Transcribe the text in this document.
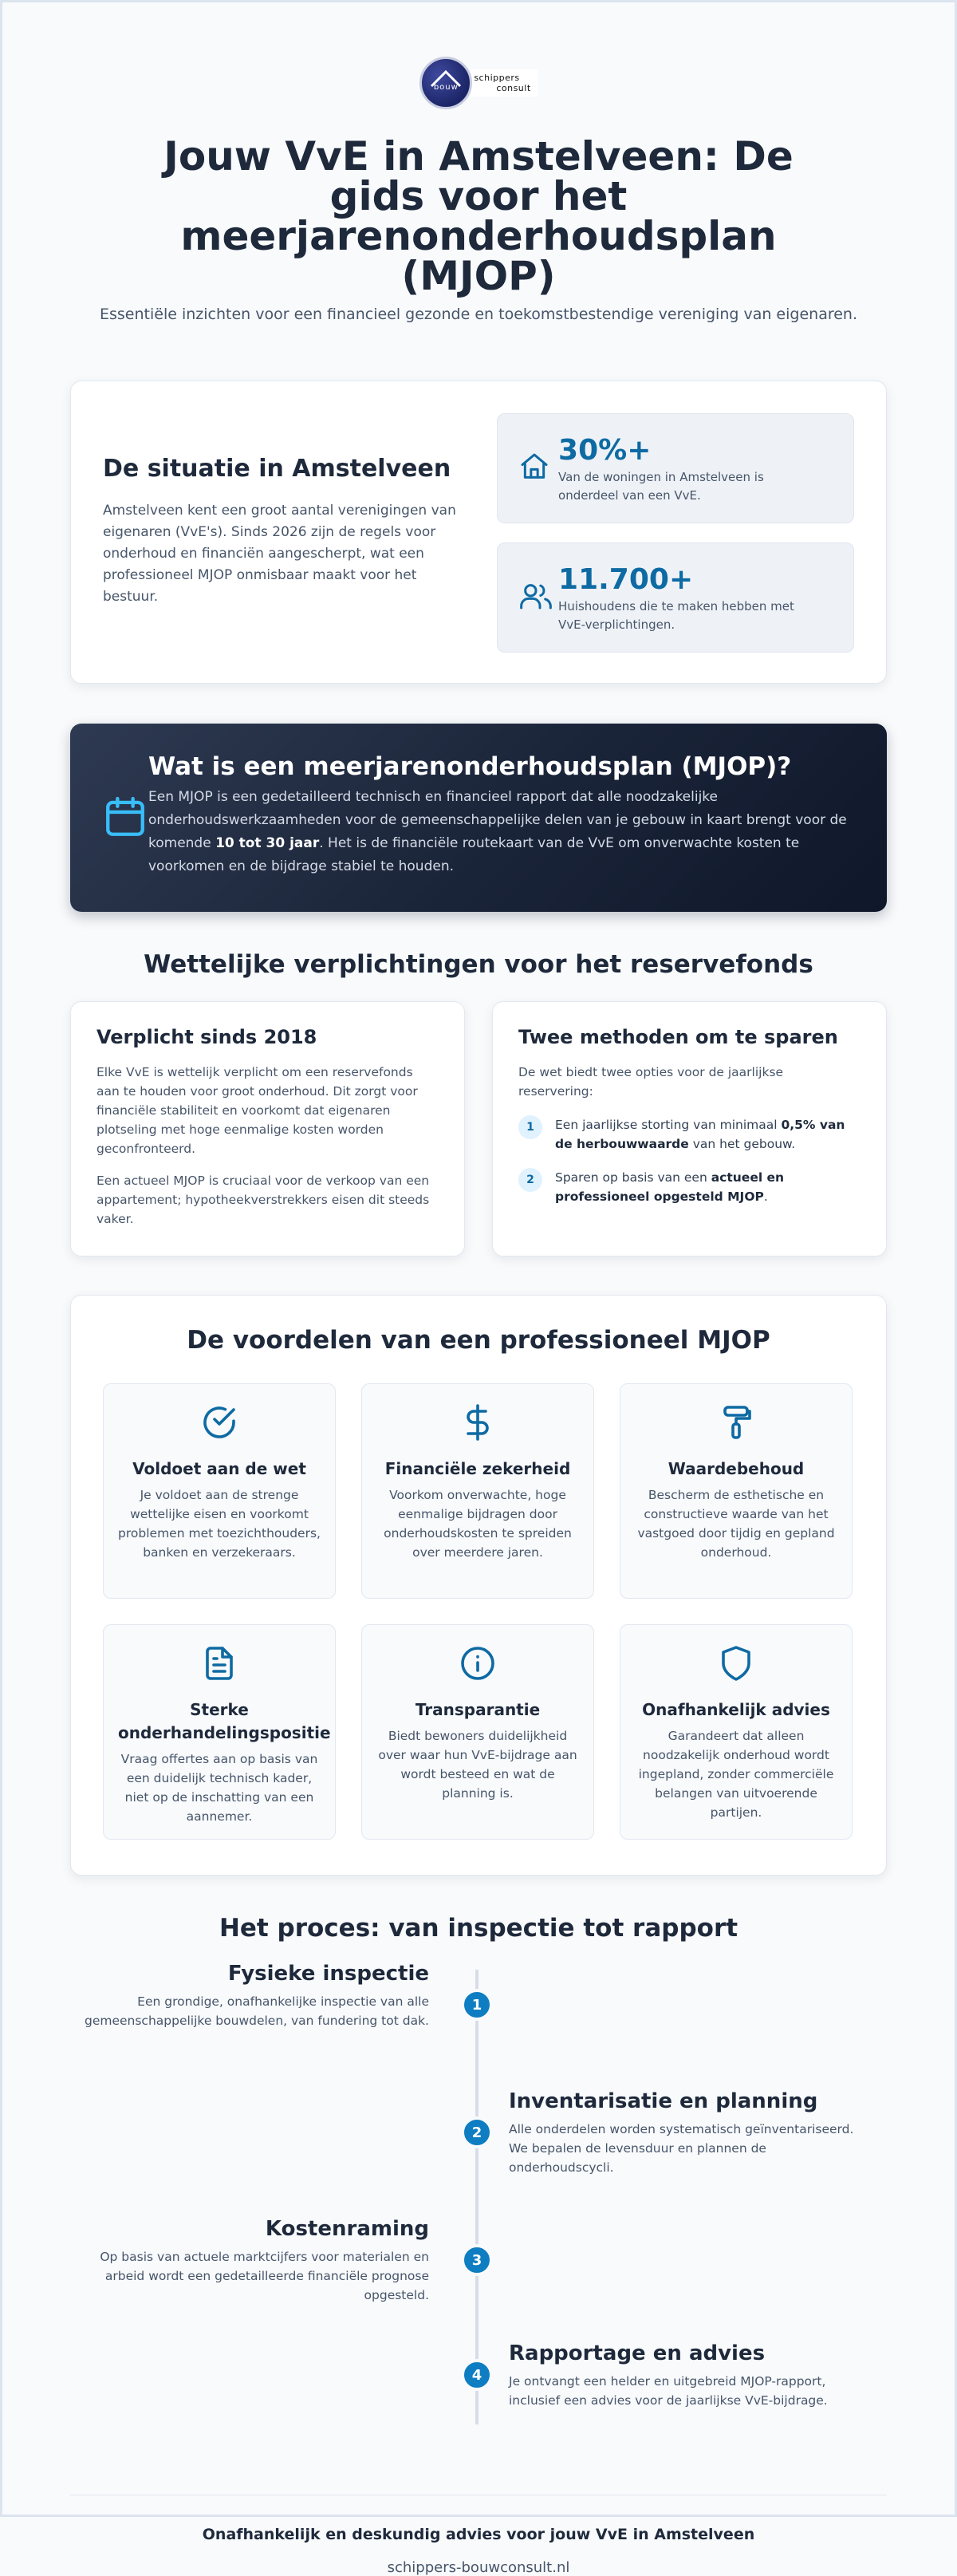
bouw
schippers
consult
Jouw VvE in Amstelveen: De gids voor het meerjarenonderhoudsplan (MJOP)

Essentiële inzichten voor een financieel gezonde en toekomstbestendige vereniging van eigenaren.

De situatie in Amstelveen

Amstelveen kent een groot aantal verenigingen van eigenaren (VvE's). Sinds 2026 zijn de regels voor onderhoud en financiën aangescherpt, wat een professioneel MJOP onmisbaar maakt voor het bestuur.

30%+
Van de woningen in Amstelveen is onderdeel van een VvE.
11.700+
Huishoudens die te maken hebben met VvE-verplichtingen.
Wat is een meerjarenonderhoudsplan (MJOP)?

Een MJOP is een gedetailleerd technisch en financieel rapport dat alle noodzakelijke onderhoudswerkzaamheden voor de gemeenschappelijke delen van je gebouw in kaart brengt voor de komende 10 tot 30 jaar. Het is de financiële routekaart van de VvE om onverwachte kosten te voorkomen en de bijdrage stabiel te houden.

Wettelijke verplichtingen voor het reservefonds
Verplicht sinds 2018

Elke VvE is wettelijk verplicht om een reservefonds aan te houden voor groot onderhoud. Dit zorgt voor financiële stabiliteit en voorkomt dat eigenaren plotseling met hoge eenmalige kosten worden geconfronteerd.

Een actueel MJOP is cruciaal voor de verkoop van een appartement; hypotheekverstrekkers eisen dit steeds vaker.

Twee methoden om te sparen

De wet biedt twee opties voor de jaarlijkse reservering:

1	Een jaarlijkse storting van minimaal 0,5% van de herbouwwaarde van het gebouw.
2	Sparen op basis van een actueel en professioneel opgesteld MJOP.
De voordelen van een professioneel MJOP
Voldoet aan de wet

Je voldoet aan de strenge wettelijke eisen en voorkomt problemen met toezichthouders, banken en verzekeraars.

Financiële zekerheid

Voorkom onverwachte, hoge eenmalige bijdragen door onderhoudskosten te spreiden over meerdere jaren.

Waardebehoud

Bescherm de esthetische en constructieve waarde van het vastgoed door tijdig en gepland onderhoud.

Sterke onderhandelingspositie

Vraag offertes aan op basis van een duidelijk technisch kader, niet op de inschatting van een aannemer.

Transparantie

Biedt bewoners duidelijkheid over waar hun VvE-bijdrage aan wordt besteed en wat de planning is.

Onafhankelijk advies

Garandeert dat alleen noodzakelijk onderhoud wordt ingepland, zonder commerciële belangen van uitvoerende partijen.

Het proces: van inspectie tot rapport
Fysieke inspectie

Een grondige, onafhankelijke inspectie van alle gemeenschappelijke bouwdelen, van fundering tot dak.

1
2
Inventarisatie en planning

Alle onderdelen worden systematisch geïnventariseerd. We bepalen de levensduur en plannen de onderhoudscycli.

Kostenraming

Op basis van actuele marktcijfers voor materialen en arbeid wordt een gedetailleerde financiële prognose opgesteld.

3
4
Rapportage en advies

Je ontvangt een helder en uitgebreid MJOP-rapport, inclusief een advies voor de jaarlijkse VvE-bijdrage.

Onafhankelijk en deskundig advies voor jouw VvE in Amstelveen
schippers-bouwconsult.nl
